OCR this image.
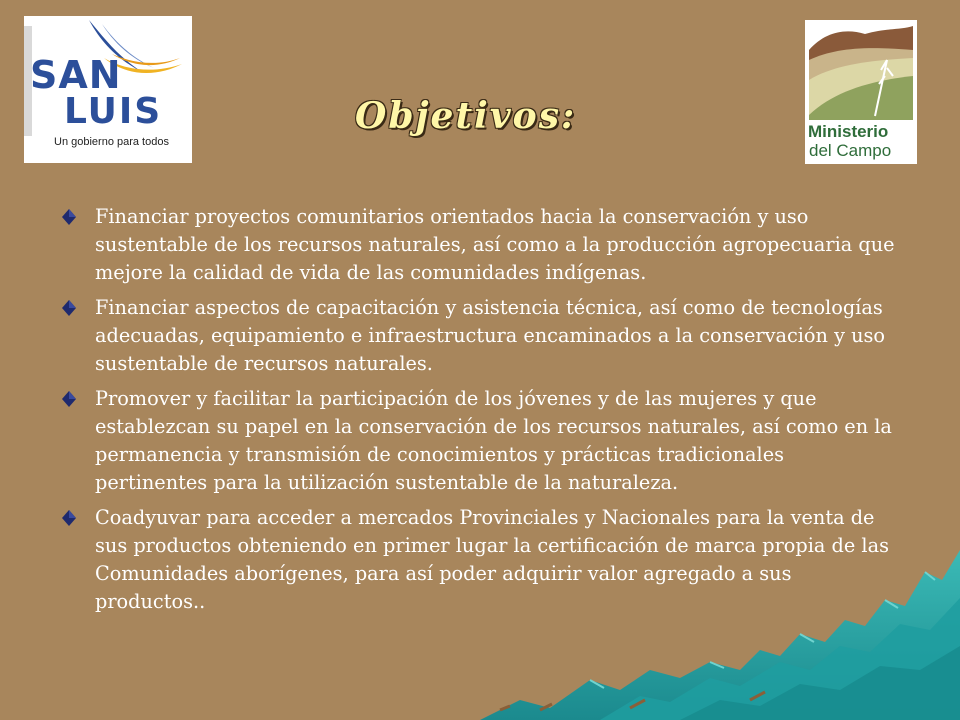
SAN
LUIS
Un gobierno para todos
Ministerio
del Campo
Objetivos:
Financiar proyectos comunitarios orientados hacia la conservación y uso sustentable de los recursos naturales, así como a la producción agropecuaria que mejore la calidad de vida de las comunidades indígenas.
Financiar aspectos de capacitación y asistencia técnica, así como de tecnologías adecuadas, equipamiento e infraestructura encaminados a la conservación y uso sustentable de recursos naturales.
Promover y facilitar la participación de los jóvenes y de las mujeres y que establezcan su papel en la conservación de los recursos naturales, así como en la permanencia y transmisión de conocimientos y prácticas tradicionales pertinentes para la utilización sustentable de la naturaleza.
Coadyuvar para acceder a mercados Provinciales y Nacionales para la venta de sus productos obteniendo en primer lugar la certificación de marca propia de las Comunidades aborígenes, para así poder adquirir valor agregado a sus productos..
